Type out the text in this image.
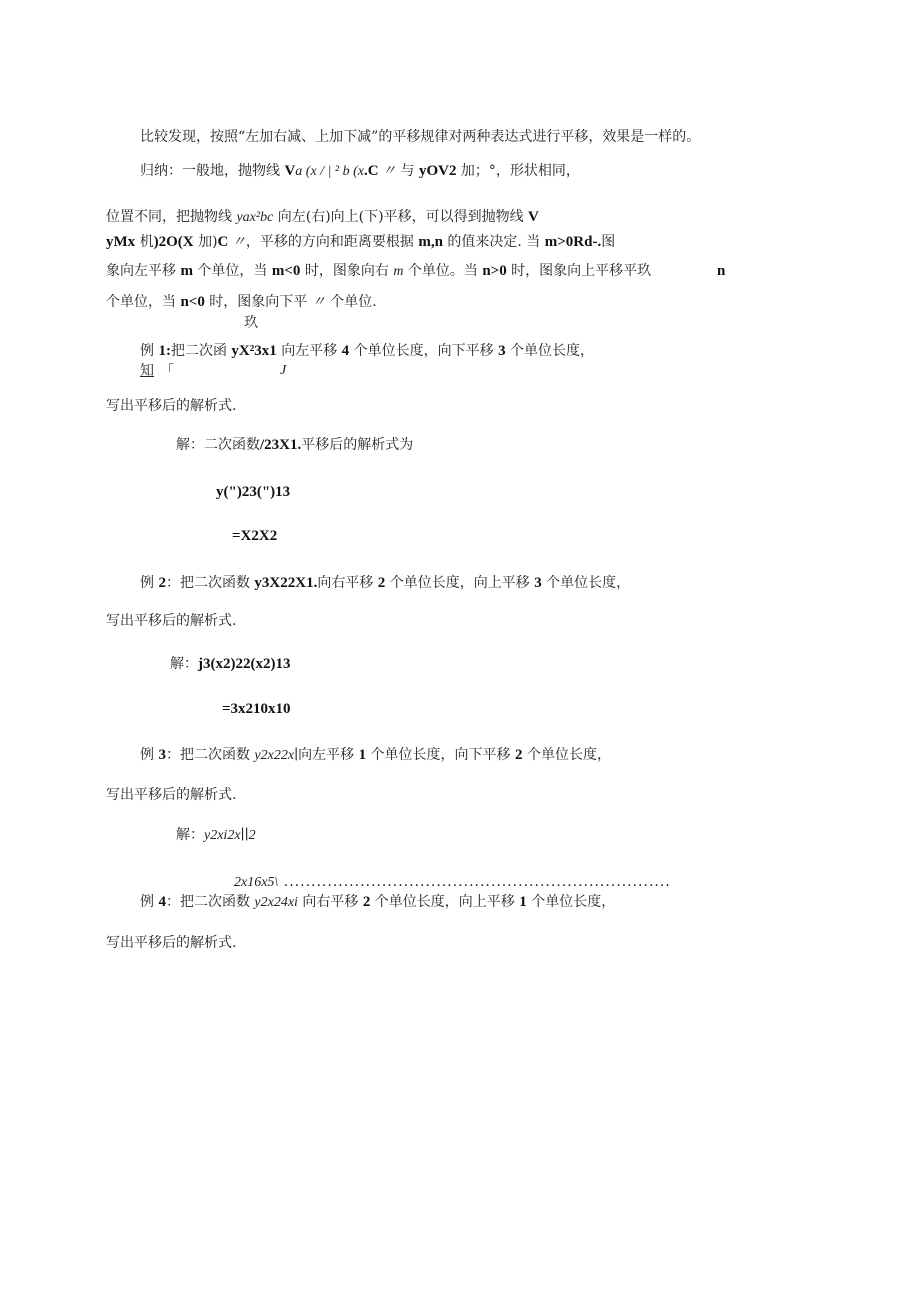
比较发现，按照“左加右减、上加下减”的平移规律对两种表达式进行平移，效果是一样的。
归纳：一般地，抛物线 Va (x / | ² b (x.C 〃 与 yOV2 加；°，形状相同，
位置不同，把抛物线 yax²bc 向左(右)向上(下)平移，可以得到抛物线 V
yMx 机)2O(X 加)C 〃，平移的方向和距离要根据 m,n 的值来决定. 当 m>0Rd-.图
象向左平移 m 个单位，当 m<0 时，图象向右 m 个单位。当 n>0 时，图象向上平移平玖	n
个单位，当 n<0 时，图象向下平 〃 个单位.
玖
例 1:把二次函 yX²3x1 向左平移 4 个单位长度，向下平移 3 个单位长度，
知 「	J
写出平移后的解析式.
解：二次函数/23X1.平移后的解析式为
y(")23(")13
=X2X2
例 2：把二次函数 y3X22X1.向右平移 2 个单位长度，向上平移 3 个单位长度，
写出平移后的解析式.
解：j3(x2)22(x2)13
=3x210x10
例 3：把二次函数 y2x22x∣向左平移 1 个单位长度，向下平移 2 个单位长度，
写出平移后的解析式.
解：y2xi2x∣∣2
2x16x5\ .......................................................................
例 4：把二次函数 y2x24xi 向右平移 2 个单位长度，向上平移 1 个单位长度，
写出平移后的解析式.
